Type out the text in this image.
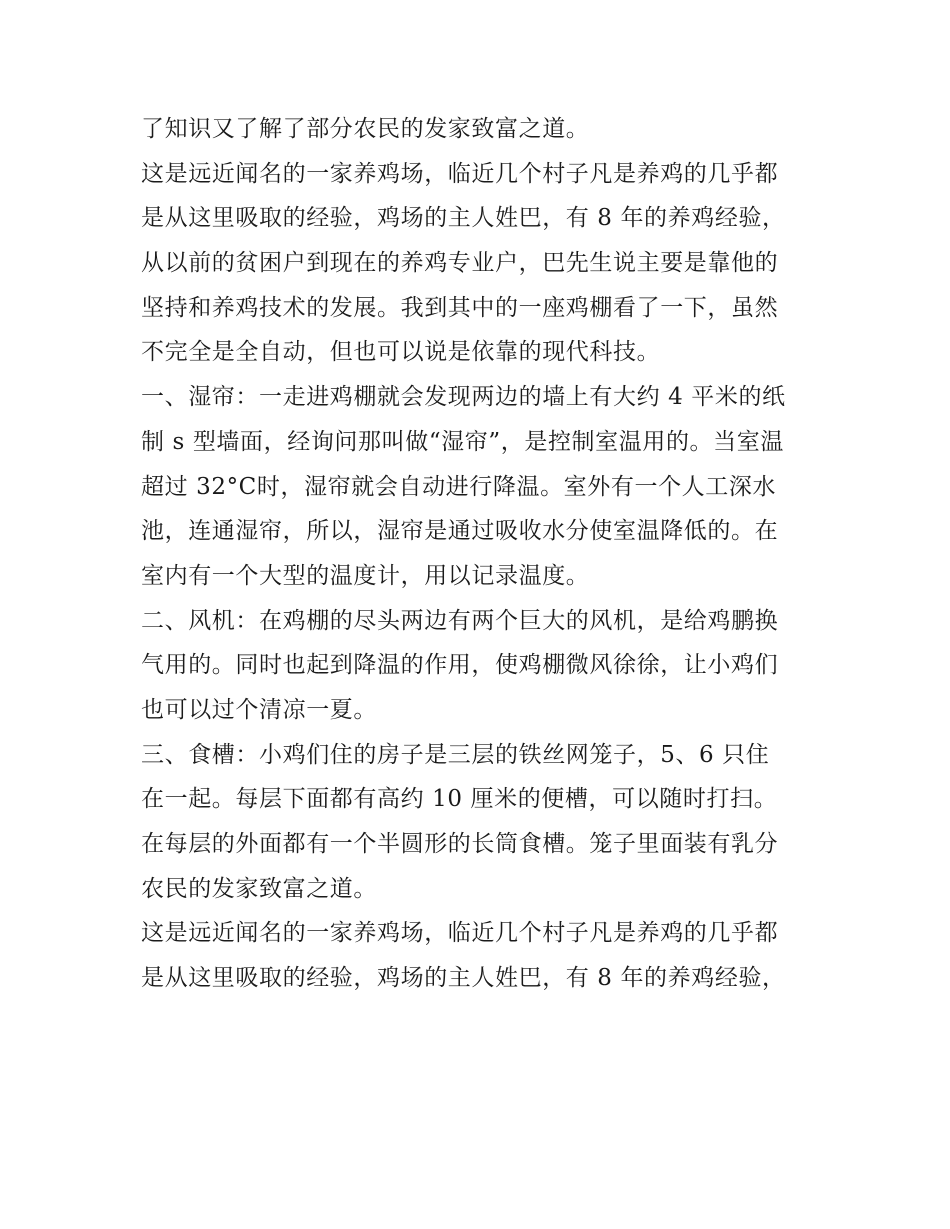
了知识又了解了部分农民的发家致富之道。
这是远近闻名的一家养鸡场，临近几个村子凡是养鸡的几乎都
是从这里吸取的经验，鸡场的主人姓巴，有 8 年的养鸡经验，
从以前的贫困户到现在的养鸡专业户，巴先生说主要是靠他的
坚持和养鸡技术的发展。我到其中的一座鸡棚看了一下，虽然
不完全是全自动，但也可以说是依靠的现代科技。
一、湿帘：一走进鸡棚就会发现两边的墙上有大约 4 平米的纸
制 s 型墙面，经询问那叫做“湿帘”，是控制室温用的。当室温
超过 32°C时，湿帘就会自动进行降温。室外有一个人工深水
池，连通湿帘，所以，湿帘是通过吸收水分使室温降低的。在
室内有一个大型的温度计，用以记录温度。
二、风机：在鸡棚的尽头两边有两个巨大的风机，是给鸡鹏换
气用的。同时也起到降温的作用，使鸡棚微风徐徐，让小鸡们
也可以过个清凉一夏。
三、食槽：小鸡们住的房子是三层的铁丝网笼子，5、6 只住
在一起。每层下面都有高约 10 厘米的便槽，可以随时打扫。
在每层的外面都有一个半圆形的长筒食槽。笼子里面装有乳分
农民的发家致富之道。
这是远近闻名的一家养鸡场，临近几个村子凡是养鸡的几乎都
是从这里吸取的经验，鸡场的主人姓巴，有 8 年的养鸡经验，
